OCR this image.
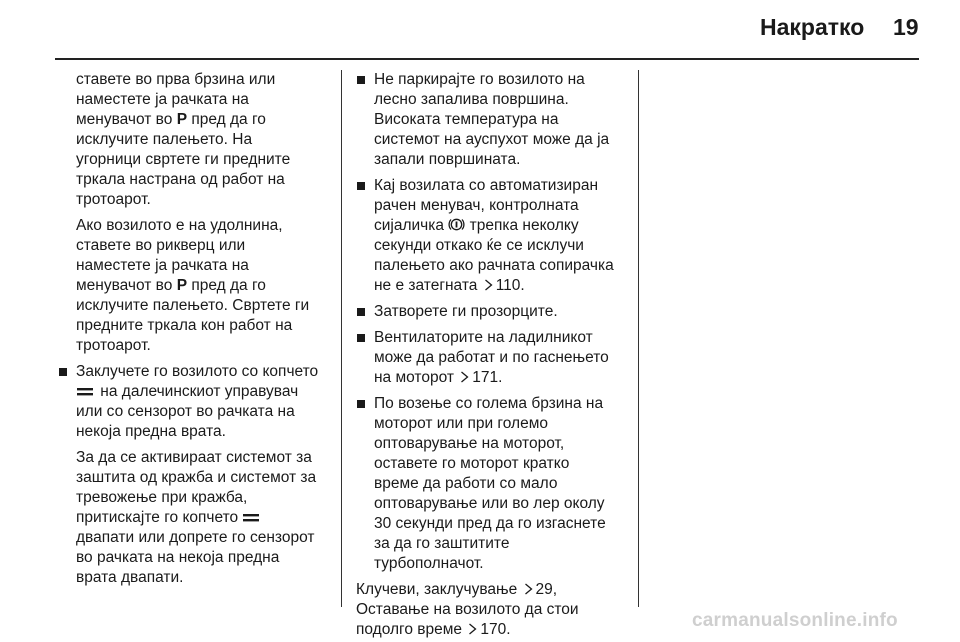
Накратко 19
ставете во прва брзина или
наместете ја рачката на
менувачот во P пред да го
исклучите палењето. На
угорници свртете ги предните
тркала настрана од работ на
тротоарот.
Ако возилото е на удолнина,
ставете во рикверц или
наместете ја рачката на
менувачот во P пред да го
исклучите палењето. Свртете ги
предните тркала кон работ на
тротоарот.
Заклучете го возилото со копчето

на далечинскиот управувач
или со сензорот во рачката на
некоја предна врата.
За да се активираат системот за
заштита од кражба и системот за
тревожење при кражба,
притискајте го копчето

двапати или допрете го сензорот
во рачката на некоја предна
врата двапати.
Не паркирајте го возилото на
лесно запалива површина.
Високата температура на
системот на ауспухот може да ја
запали површината.
Кај возилата со автоматизиран
рачен менувач, контролната
сијаличка
трепка неколку
секунди откако ќе се исклучи
палењето ако рачната сопирачка
не е затегната
110.
Затворете ги прозорците.
Вентилаторите на ладилникот
може да работат и по гаснењето
на моторот
171.
По возење со голема брзина на
моторот или при големо
оптоварување на моторот,
оставете го моторот кратко
време да работи со мало
оптоварување или во лер околу
30 секунди пред да го изгаснете
за да го заштитите
турбополначот.
Клучеви, заклучување
29,
Оставање на возилото да стои
подолго време
170.	carmanualsonline.info
